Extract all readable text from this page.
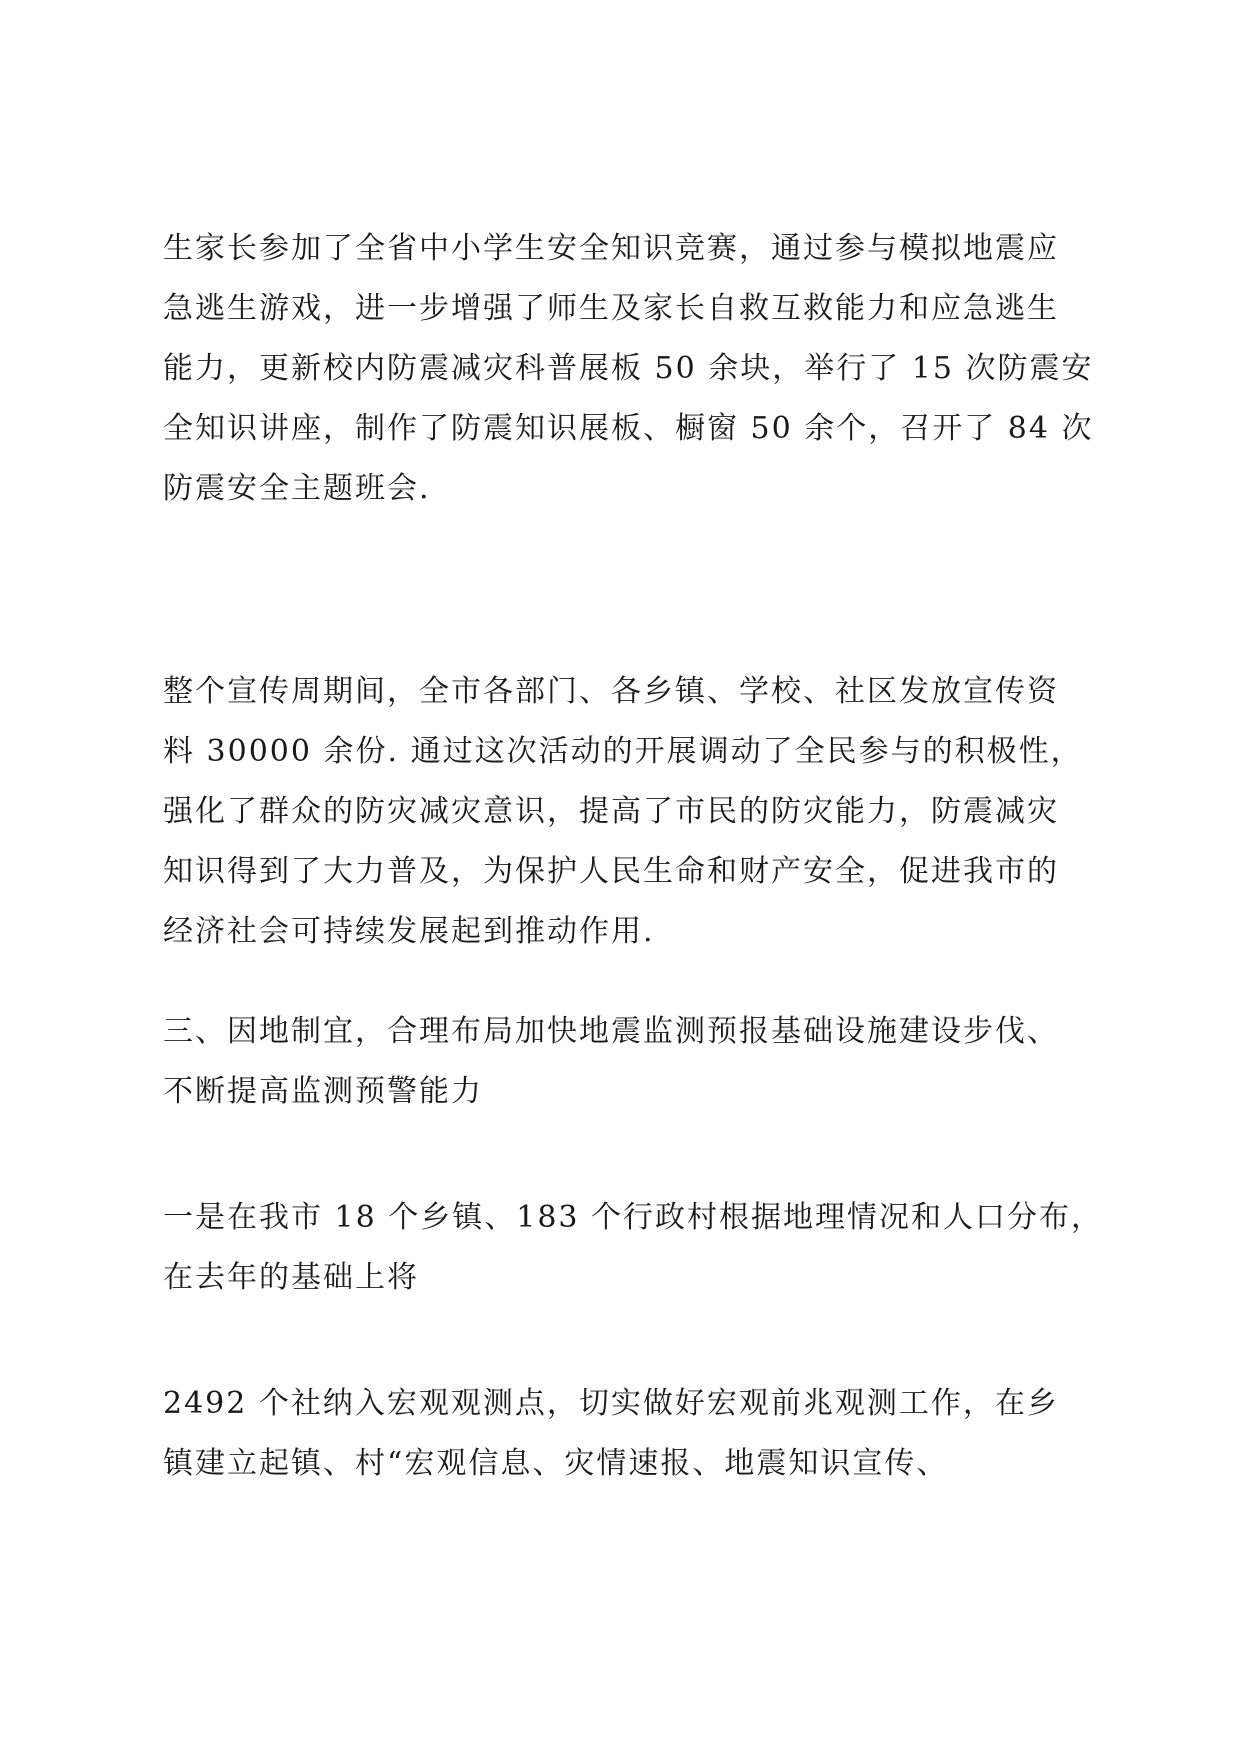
生家长参加了全省中小学生安全知识竞赛，通过参与模拟地震应
急逃生游戏，进一步增强了师生及家长自救互救能力和应急逃生
能力，更新校内防震减灾科普展板 50 余块，举行了 15 次防震安
全知识讲座，制作了防震知识展板、橱窗 50 余个，召开了 84 次
防震安全主题班会.

整个宣传周期间，全市各部门、各乡镇、学校、社区发放宣传资
料 30000 余份. 通过这次活动的开展调动了全民参与的积极性，
强化了群众的防灾减灾意识，提高了市民的防灾能力，防震减灾
知识得到了大力普及，为保护人民生命和财产安全，促进我市的
经济社会可持续发展起到推动作用.

三、因地制宜，合理布局加快地震监测预报基础设施建设步伐、
不断提高监测预警能力

一是在我市 18 个乡镇、183 个行政村根据地理情况和人口分布，
在去年的基础上将

2492 个社纳入宏观观测点，切实做好宏观前兆观测工作，在乡
镇建立起镇、村“宏观信息、灾情速报、地震知识宣传、
